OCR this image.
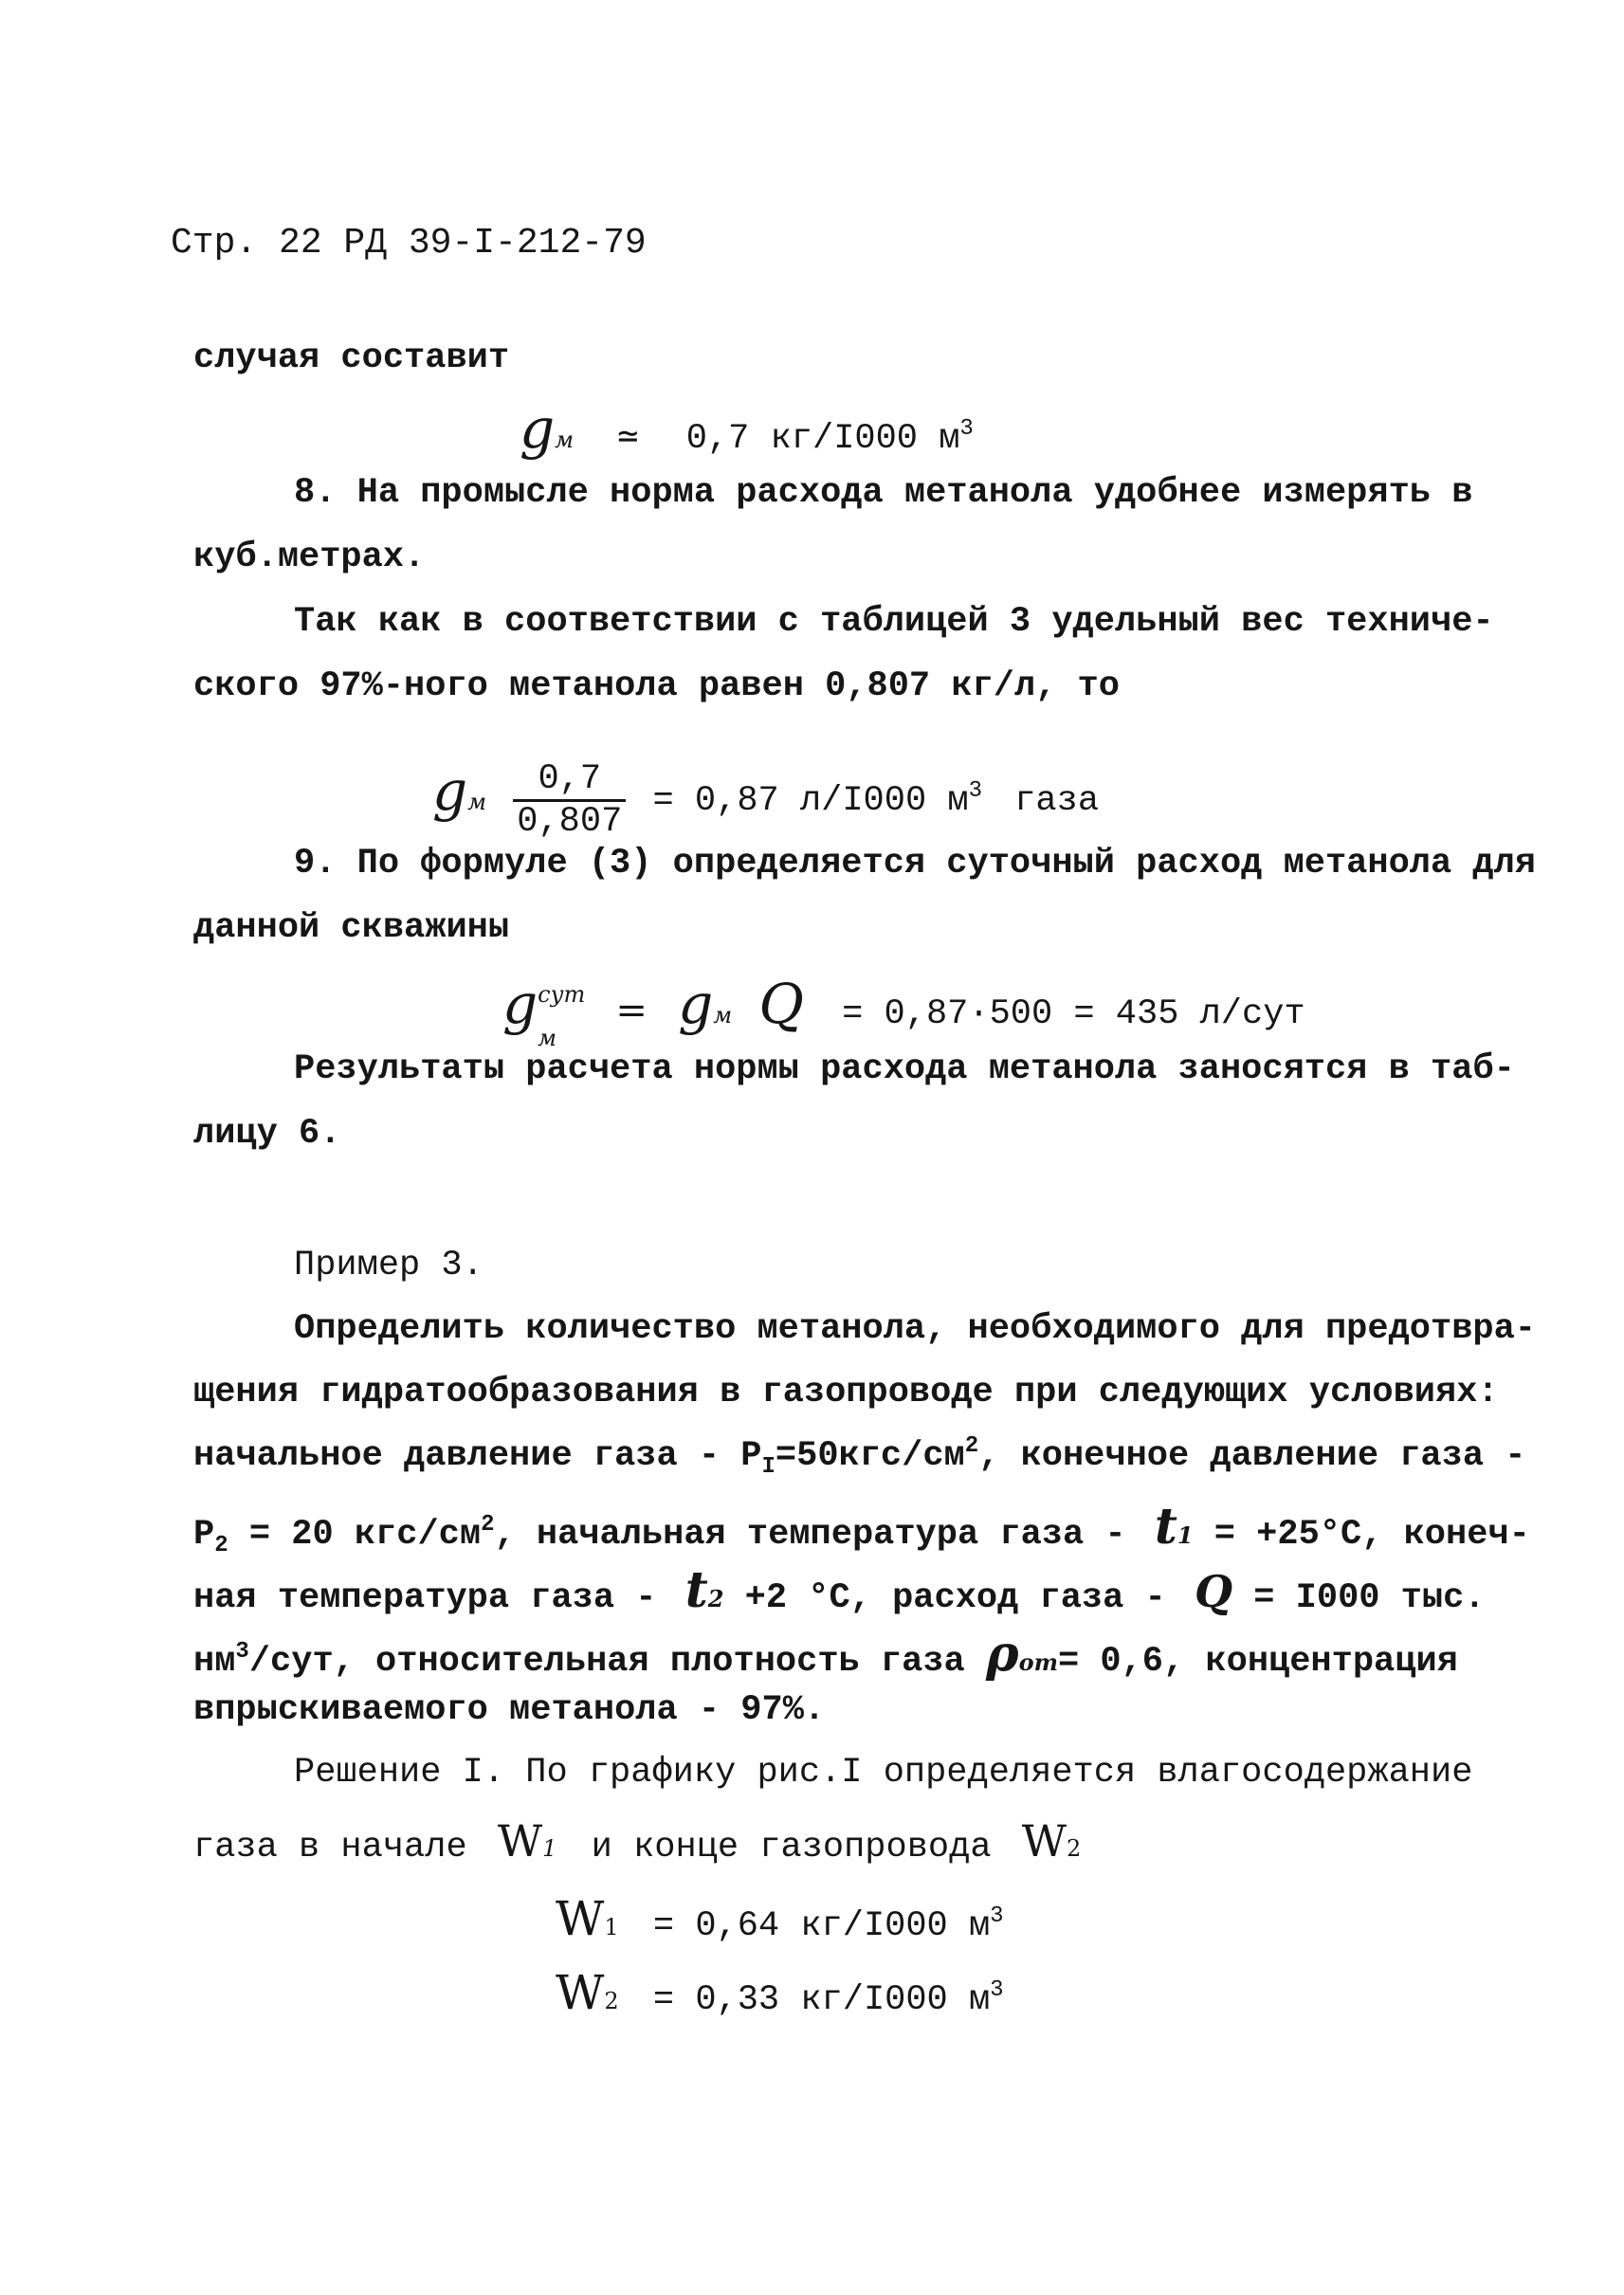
Стр. 22 РД 39-I-212-79
случая составит
gм ≃ 0,7 кг/I000 $м^3$
8. На промысле норма расхода метанола удобнее измерять в
куб.метрах.
Так как в соответствии с таблицей 3 удельный вес техниче-
ского 97%-ного метанола равен 0,807 кг/л, то
gм $\frac{0,7}{0,807} = 0,87$ л/I000 $м^3$ газа
9. По формуле (3) определяется суточный расход метанола для
данной скважины
g сут
м
= gм Q = 0,87·500 = 435 л/сут
Результаты расчета нормы расхода метанола заносятся в таб-
лицу 6.
Пример 3.
Определить количество метанола, необходимого для предотвра-
щения гидратообразования в газопроводе при следующих условиях:
начальное давление газа - $P_I=50кгс/см^2$, конечное давление газа -
$P_2 = 20$ кгс/$см^2$, начальная температура газа - t1 = +25°C, конеч-
ная температура газа - t2 +2 °C, расход газа - Q = I000 тыс.
$нм^3$/сут, относительная плотность газа ρот= 0,6, концентрация
впрыскиваемого метанола - 97%.
Решение I. По графику рис.I определяется влагосодержание
газа в начале W1 и конце газопровода W2
W1 = 0,64 кг/I000 $м^3$
W2 = 0,33 кг/I000 $м^3$
